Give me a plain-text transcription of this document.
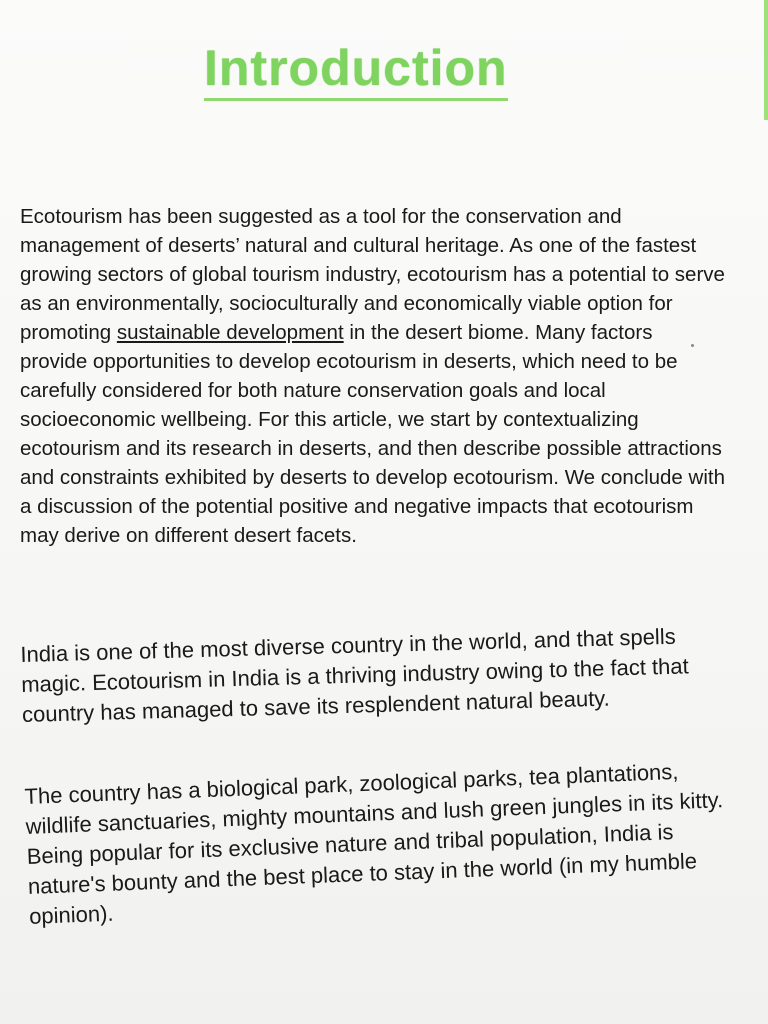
Introduction

Ecotourism has been suggested as a tool for the conservation and management of deserts’ natural and cultural heritage. As one of the fastest growing sectors of global tourism industry, ecotourism has a potential to serve as an environmentally, socioculturally and economically viable option for promoting sustainable development in the desert biome. Many factors provide opportunities to develop ecotourism in deserts, which need to be carefully considered for both nature conservation goals and local socioeconomic wellbeing. For this article, we start by contextualizing ecotourism and its research in deserts, and then describe possible attractions and constraints exhibited by deserts to develop ecotourism. We conclude with a discussion of the potential positive and negative impacts that ecotourism may derive on different desert facets.

India is one of the most diverse country in the world, and that spells magic. Ecotourism in India is a thriving industry owing to the fact that country has managed to save its resplendent natural beauty.

The country has a biological park, zoological parks, tea plantations, wildlife sanctuaries, mighty mountains and lush green jungles in its kitty. Being popular for its exclusive nature and tribal population, India is nature's bounty and the best place to stay in the world (in my humble opinion).
